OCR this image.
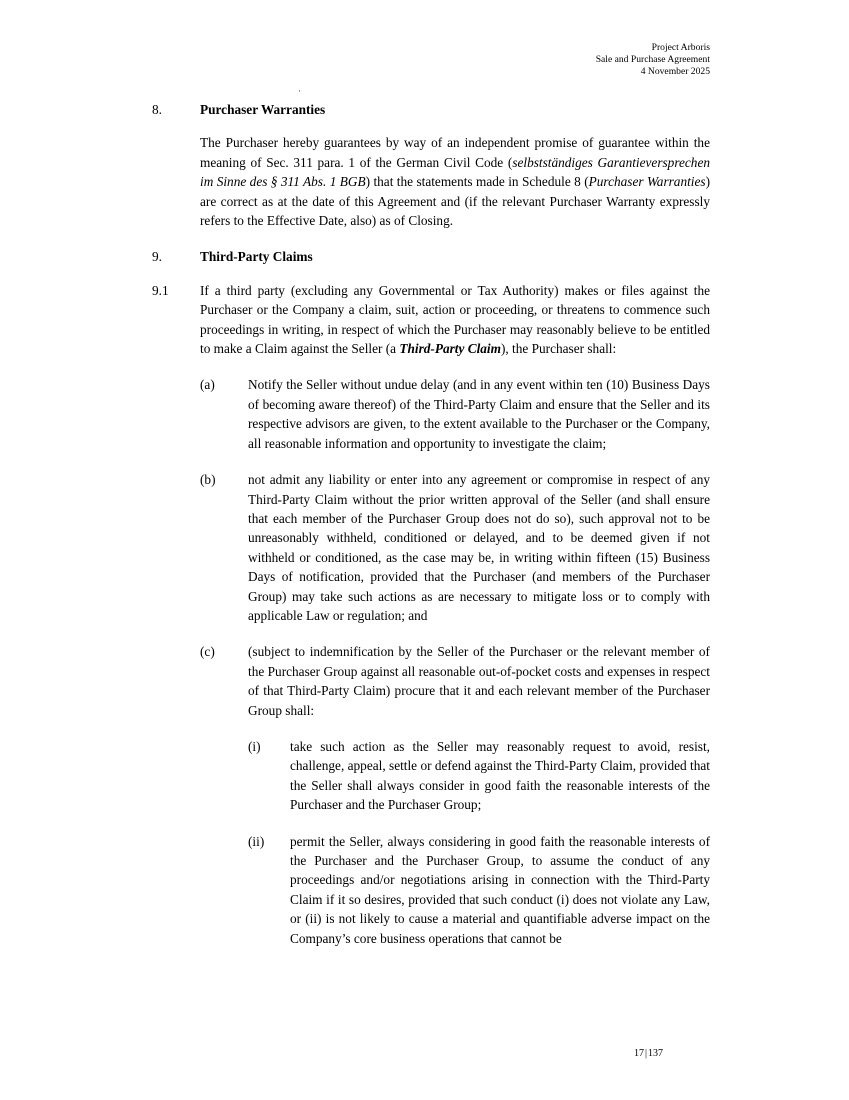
Project Arboris
Sale and Purchase Agreement
4 November 2025
·
8.	Purchaser Warranties

The Purchaser hereby guarantees by way of an independent promise of guarantee within the meaning of Sec. 311 para. 1 of the German Civil Code (selbstständiges Garantieversprechen im Sinne des § 311 Abs. 1 BGB) that the statements made in Schedule 8 (Purchaser Warranties) are correct as at the date of this Agreement and (if the relevant Purchaser Warranty expressly refers to the Effective Date, also) as of Closing.

9.	Third-Party Claims
9.1	If a third party (excluding any Governmental or Tax Authority) makes or files against the Purchaser or the Company a claim, suit, action or proceeding, or threatens to commence such proceedings in writing, in respect of which the Purchaser may reasonably believe to be entitled to make a Claim against the Seller (a Third-Party Claim), the Purchaser shall:

(a)	Notify the Seller without undue delay (and in any event within ten (10) Business Days of becoming aware thereof) of the Third-Party Claim and ensure that the Seller and its respective advisors are given, to the extent available to the Purchaser or the Company, all reasonable information and opportunity to investigate the claim;

(b)	not admit any liability or enter into any agreement or compromise in respect of any Third-Party Claim without the prior written approval of the Seller (and shall ensure that each member of the Purchaser Group does not do so), such approval not to be unreasonably withheld, conditioned or delayed, and to be deemed given if not withheld or conditioned, as the case may be, in writing within fifteen (15) Business Days of notification, provided that the Purchaser (and members of the Purchaser Group) may take such actions as are necessary to mitigate loss or to comply with applicable Law or regulation; and

(c)	(subject to indemnification by the Seller of the Purchaser or the relevant member of the Purchaser Group against all reasonable out-of-pocket costs and expenses in respect of that Third-Party Claim) procure that it and each relevant member of the Purchaser Group shall:

(i)	take such action as the Seller may reasonably request to avoid, resist, challenge, appeal, settle or defend against the Third-Party Claim, provided that the Seller shall always consider in good faith the reasonable interests of the Purchaser and the Purchaser Group;

(ii)	permit the Seller, always considering in good faith the reasonable interests of the Purchaser and the Purchaser Group, to assume the conduct of any proceedings and/or negotiations arising in connection with the Third-Party Claim if it so desires, provided that such conduct (i) does not violate any Law, or (ii) is not likely to cause a material and quantifiable adverse impact on the Company’s core business operations that cannot be

17|137
